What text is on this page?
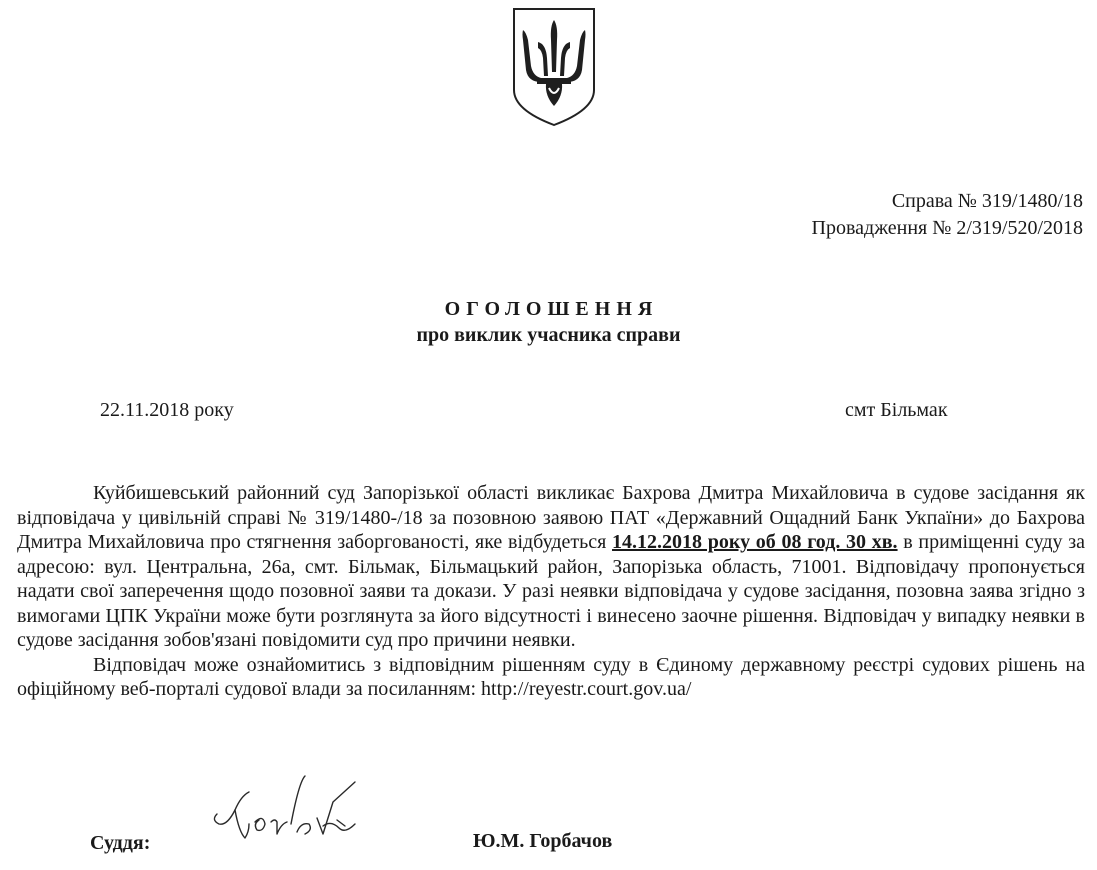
Справа № 319/1480/18
Провадження № 2/319/520/2018
ОГОЛОШЕННЯ
про виклик учасника справи
22.11.2018 року	смт Більмак

Куйбишевський районний суд Запорізької області викликає Бахрова Дмитра Михайловича в судове засідання як відповідача у цивільній справі № 319/1480-/18 за позовною заявою ПАТ «Державний Ощадний Банк Укпаїни» до Бахрова Дмитра Михайловича про стягнення заборгованості, яке відбудеться 14.12.2018 року об 08 год. 30 хв. в приміщенні суду за адресою: вул. Центральна, 26а, смт. Більмак, Більмацький район, Запорізька область, 71001. Відповідачу пропонується надати свої заперечення щодо позовної заяви та докази. У разі неявки відповідача у судове засідання, позовна заява згідно з вимогами ЦПК України може бути розглянута за його відсутності і винесено заочне рішення. Відповідач у випадку неявки в судове засідання зобов'язані повідомити суд про причини неявки.

Відповідач може ознайомитись з відповідним рішенням суду в Єдиному державному реєстрі судових рішень на офіційному веб-порталі судової влади за посиланням: http://reyestr.court.gov.ua/

Суддя:	Ю.М. Горбачов
